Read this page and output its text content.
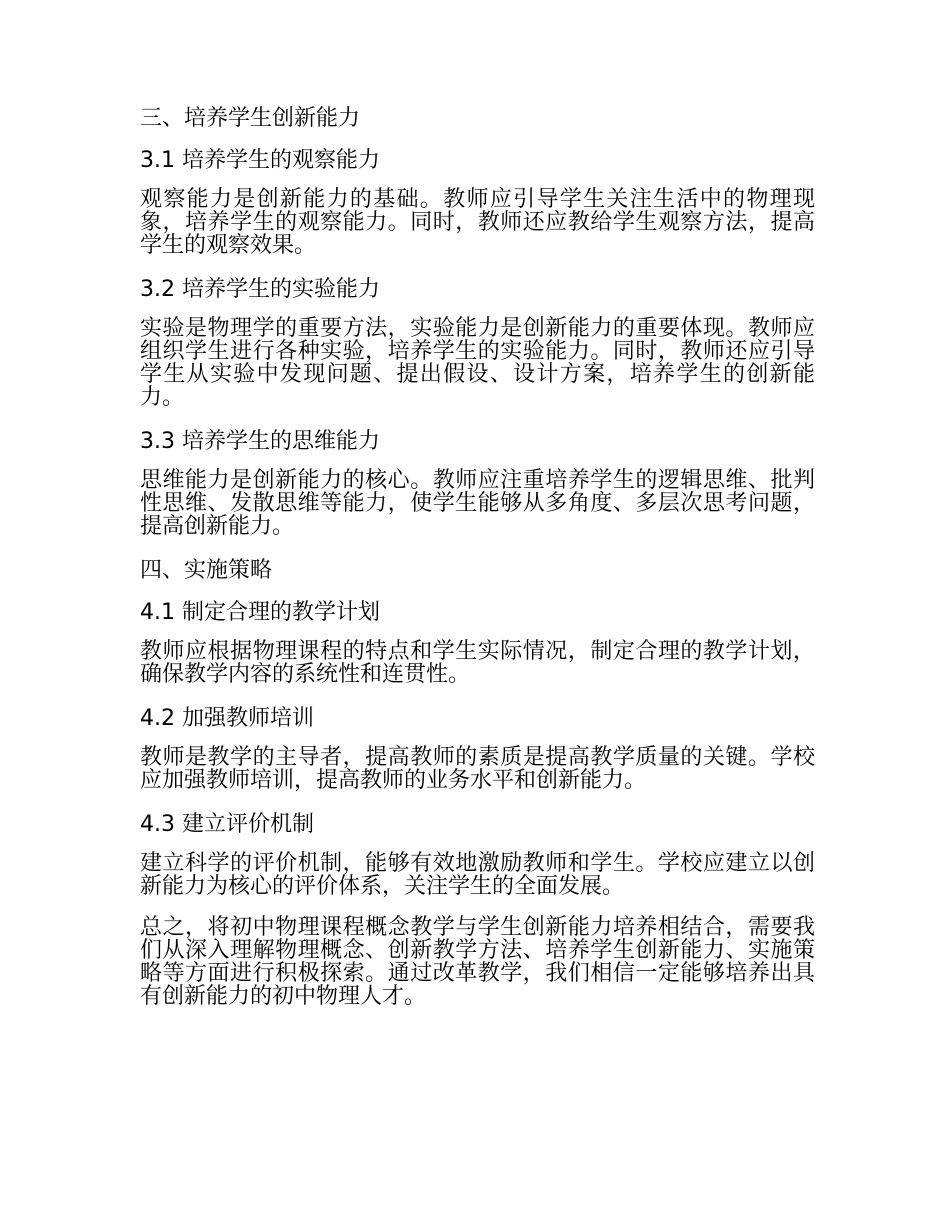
三、培养学生创新能力
3.1 培养学生的观察能力
观察能力是创新能力的基础。教师应引导学生关注生活中的物理现象，培养学生的观察能力。同时，教师还应教给学生观察方法，提高学生的观察效果。
3.2 培养学生的实验能力
实验是物理学的重要方法，实验能力是创新能力的重要体现。教师应组织学生进行各种实验，培养学生的实验能力。同时，教师还应引导学生从实验中发现问题、提出假设、设计方案，培养学生的创新能力。
3.3 培养学生的思维能力
思维能力是创新能力的核心。教师应注重培养学生的逻辑思维、批判性思维、发散思维等能力，使学生能够从多角度、多层次思考问题，提高创新能力。
四、实施策略
4.1 制定合理的教学计划
教师应根据物理课程的特点和学生实际情况，制定合理的教学计划，确保教学内容的系统性和连贯性。
4.2 加强教师培训
教师是教学的主导者，提高教师的素质是提高教学质量的关键。学校应加强教师培训，提高教师的业务水平和创新能力。
4.3 建立评价机制
建立科学的评价机制，能够有效地激励教师和学生。学校应建立以创新能力为核心的评价体系，关注学生的全面发展。
总之，将初中物理课程概念教学与学生创新能力培养相结合，需要我们从深入理解物理概念、创新教学方法、培养学生创新能力、实施策略等方面进行积极探索。通过改革教学，我们相信一定能够培养出具有创新能力的初中物理人才。
